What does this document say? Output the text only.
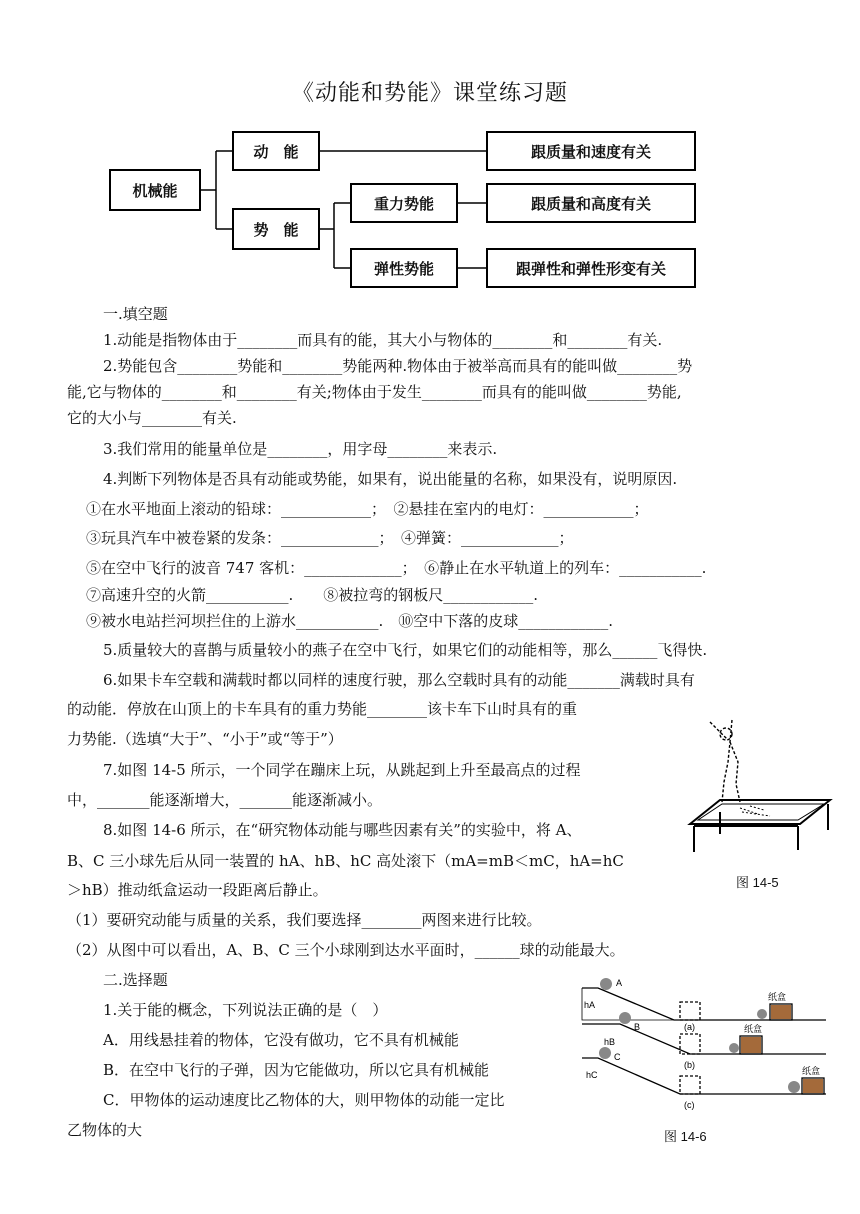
《动能和势能》课堂练习题
机械能
动　能
势　能
重力势能
弹性势能
跟质量和速度有关
跟质量和高度有关
跟弹性和弹性形变有关
一.填空题
1.动能是指物体由于________而具有的能，其大小与物体的________和________有关.
2.势能包含________势能和________势能两种.物体由于被举高而具有的能叫做________势
能,它与物体的________和________有关;物体由于发生________而具有的能叫做________势能,
它的大小与________有关.
3.我们常用的能量单位是________，用字母________来表示.
4.判断下列物体是否具有动能或势能，如果有，说出能量的名称，如果没有，说明原因.
①在水平地面上滚动的铅球：____________；　②悬挂在室内的电灯：____________；
③玩具汽车中被卷紧的发条：_____________；　④弹簧：_____________；
⑤在空中飞行的波音 747 客机：_____________；　⑥静止在水平轨道上的列车：___________.
⑦高速升空的火箭___________.　　⑧被拉弯的钢板尺____________.
⑨被水电站拦河坝拦住的上游水___________.　⑩空中下落的皮球____________.
5.质量较大的喜鹊与质量较小的燕子在空中飞行，如果它们的动能相等，那么______飞得快.
6.如果卡车空载和满载时都以同样的速度行驶，那么空载时具有的动能_______满载时具有
的动能．停放在山顶上的卡车具有的重力势能________该卡车下山时具有的重
力势能.（选填“大于”、“小于”或“等于”）
7.如图 14-5 所示，一个同学在蹦床上玩，从跳起到上升至最高点的过程
中，_______能逐渐增大，_______能逐渐减小。
8.如图 14-6 所示，在“研究物体动能与哪些因素有关”的实验中，将 A、
B、C 三小球先后从同一装置的 hA、hB、hC 高处滚下（mA=mB＜mC，hA=hC
＞hB）推动纸盒运动一段距离后静止。
（1）要研究动能与质量的关系，我们要选择________两图来进行比较。
（2）从图中可以看出，A、B、C 三个小球刚到达水平面时，______球的动能最大。
二.选择题
1.关于能的概念，下列说法正确的是（　）
A．用线悬挂着的物体，它没有做功，它不具有机械能
B．在空中飞行的子弹，因为它能做功，所以它具有机械能
C．甲物体的运动速度比乙物体的大，则甲物体的动能一定比
乙物体的大
图 14-5
A
B
C
hA
hB
hC
(a)
(b)
(c)
纸盒
纸盒
纸盒
图 14-6
